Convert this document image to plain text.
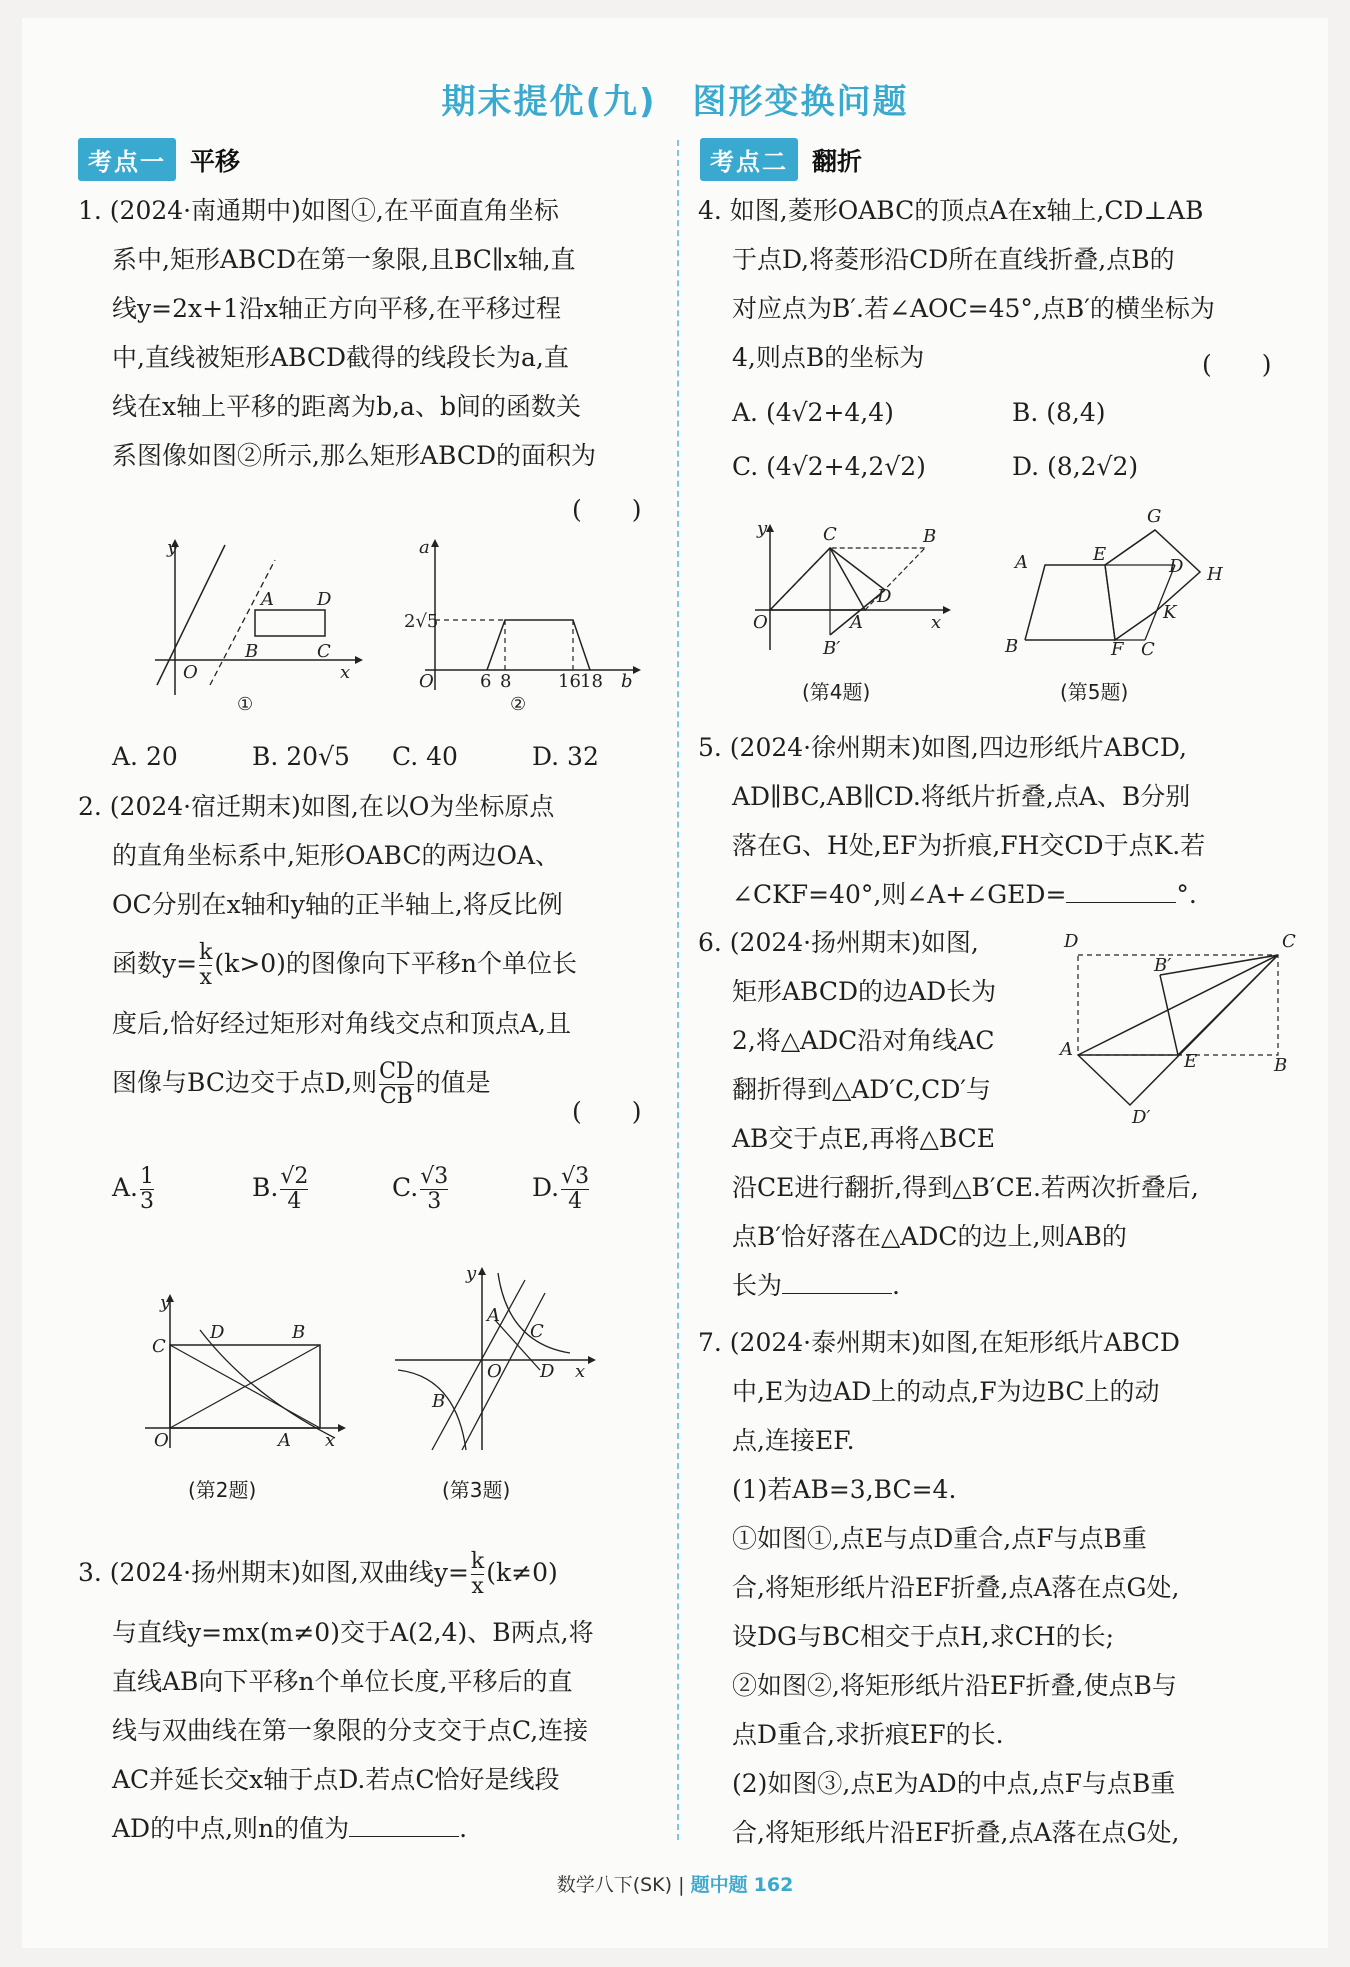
期末提优(九)　图形变换问题
考点一 平移	考点二 翻折
1. (2024·南通期中)如图①,在平面直角坐标
系中,矩形ABCD在第一象限,且BC∥x轴,直
线y=2x+1沿x轴正方向平移,在平移过程
中,直线被矩形ABCD截得的线段长为a,直
线在x轴上平移的距离为b,a、b间的函数关
系图像如图②所示,那么矩形ABCD的面积为
(　　)
y
O	x
A D
B	C
①
a
2√5
O	6 8	16 18 b
②
A. 20	B. 20√5 C. 40	D. 32
2. (2024·宿迁期末)如图,在以O为坐标原点
的直角坐标系中,矩形OABC的两边OA、
OC分别在x轴和y轴的正半轴上,将反比例
函数$y= \frac{k}{x} (k>0)$的图像向下平移n个单位长
度后,恰好经过矩形对角线交点和顶点A,且
图像与BC边交于点D,则 $\frac{CD}{CB}$ 的值是
(　　)
A. $\frac{1}{3}$	B. $\frac{√2}{4}$	C. $\frac{√3}{3}$	D. $\frac{√3}{4}$
y
C
D	B
O	A x
(第2题)
y
A
C
O D x
B
(第3题)
3. (2024·扬州期末)如图,双曲线$y= \frac{k}{x} (k\ne 0)$
与直线y=mx(m≠0)交于A(2,4)、B两点,将
直线AB向下平移n个单位长度,平移后的直
线与双曲线在第一象限的分支交于点C,连接
AC并延长交x轴于点D.若点C恰好是线段
AD的中点,则n的值为	.
4. 如图,菱形OABC的顶点A在x轴上,CD⊥AB
于点D,将菱形沿CD所在直线折叠,点B的
对应点为B′.若∠AOC=45°,点B′的横坐标为
4,则点B的坐标为	(　　)
A. (4√2+4,4)	B. (8,4)
C. (4√2+4,2√2)	D. (8,2√2)
y	C	B
D
O	A	x
B′
(第4题)
G
A	E
D H
K
B	F C
(第5题)
5. (2024·徐州期末)如图,四边形纸片ABCD,
AD∥BC,AB∥CD.将纸片折叠,点A、B分别
落在G、H处,EF为折痕,FH交CD于点K.若
∠CKF=40°,则∠A+∠GED=	°.
6. (2024·扬州期末)如图,
矩形ABCD的边AD长为
2,将△ADC沿对角线AC
翻折得到△AD′C,CD′与
AB交于点E,再将△BCE
沿CE进行翻折,得到△B′CE.若两次折叠后,
点B′恰好落在△ADC的边上,则AB的
长为	.
D	C
B′
A
E	B
D′
7. (2024·泰州期末)如图,在矩形纸片ABCD
中,E为边AD上的动点,F为边BC上的动
点,连接EF.
(1)若AB=3,BC=4.
①如图①,点E与点D重合,点F与点B重
合,将矩形纸片沿EF折叠,点A落在点G处,
设DG与BC相交于点H,求CH的长;
②如图②,将矩形纸片沿EF折叠,使点B与
点D重合,求折痕EF的长.
(2)如图③,点E为AD的中点,点F与点B重
合,将矩形纸片沿EF折叠,点A落在点G处,
数学八下(SK) | 题中题 162
